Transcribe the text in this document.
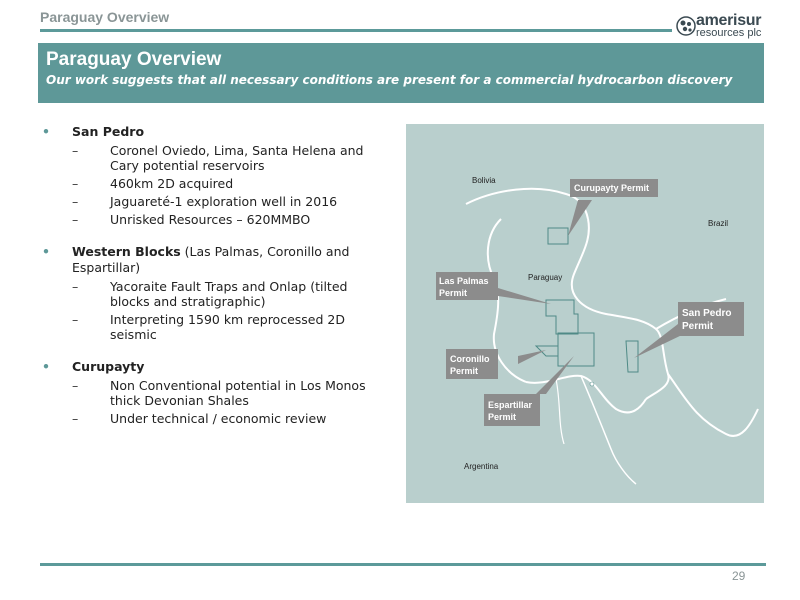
Paraguay Overview	amerisur
resources plc
Paraguay Overview
Our work suggests that all necessary conditions are present for a commercial hydrocarbon discovery
• San Pedro
–	Coronel Oviedo, Lima, Santa Helena and Cary potential reservoirs
–	460km 2D acquired
–	Jaguareté-1 exploration well in 2016
–	Unrisked Resources – 620MMBO
• Western Blocks (Las Palmas, Coronillo and Espartillar)
–	Yacoraite Fault Traps and Onlap (tilted blocks and stratigraphic)
–	Interpreting 1590 km reprocessed 2D seismic
• Curupayty
–	Non Conventional potential in Los Monos thick Devonian Shales
–	Under technical / economic review
Bolivia
Brazil
Paraguay
Argentina
Curupayty Permit
Las Palmas
Permit
Coronillo
Permit
Espartillar
Permit
San Pedro
Permit
29
